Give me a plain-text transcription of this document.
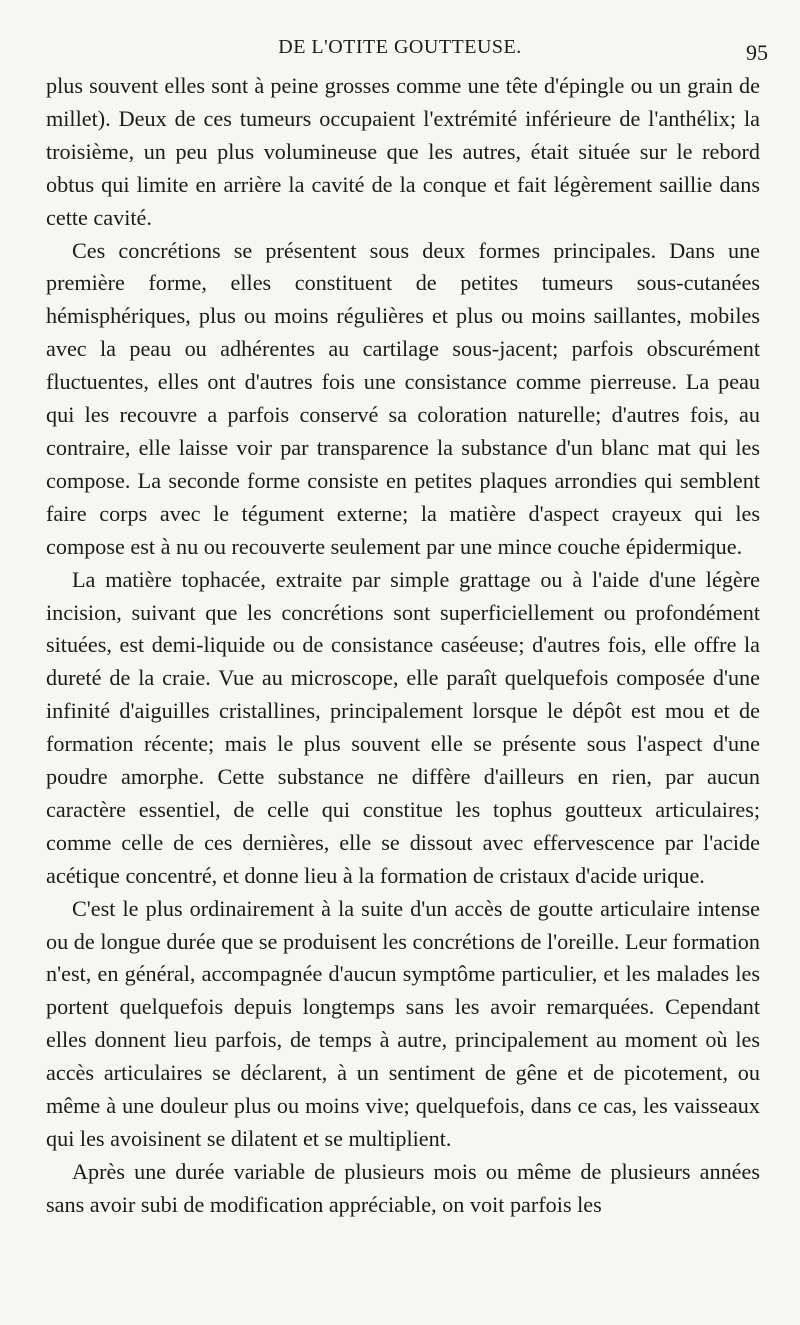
DE L'OTITE GOUTTEUSE.	95

plus souvent elles sont à peine grosses comme une tête d'épingle ou un grain de millet). Deux de ces tumeurs occupaient l'extrémité inférieure de l'anthélix; la troisième, un peu plus volumineuse que les autres, était située sur le rebord obtus qui limite en arrière la cavité de la conque et fait légèrement saillie dans cette cavité.

Ces concrétions se présentent sous deux formes principales. Dans une première forme, elles constituent de petites tumeurs sous-cutanées hémisphériques, plus ou moins régulières et plus ou moins saillantes, mobiles avec la peau ou adhérentes au cartilage sous-jacent; parfois obscurément fluctuentes, elles ont d'autres fois une consistance comme pierreuse. La peau qui les recouvre a parfois conservé sa coloration naturelle; d'autres fois, au contraire, elle laisse voir par transparence la substance d'un blanc mat qui les compose. La seconde forme consiste en petites plaques arrondies qui semblent faire corps avec le tégument externe; la matière d'aspect crayeux qui les compose est à nu ou recouverte seulement par une mince couche épidermique.

La matière tophacée, extraite par simple grattage ou à l'aide d'une légère incision, suivant que les concrétions sont superficiellement ou profondément situées, est demi-liquide ou de consistance caséeuse; d'autres fois, elle offre la dureté de la craie. Vue au microscope, elle paraît quelquefois composée d'une infinité d'aiguilles cristallines, principalement lorsque le dépôt est mou et de formation récente; mais le plus souvent elle se présente sous l'aspect d'une poudre amorphe. Cette substance ne diffère d'ailleurs en rien, par aucun caractère essentiel, de celle qui constitue les tophus goutteux articulaires; comme celle de ces dernières, elle se dissout avec effervescence par l'acide acétique concentré, et donne lieu à la formation de cristaux d'acide urique.

C'est le plus ordinairement à la suite d'un accès de goutte articulaire intense ou de longue durée que se produisent les concrétions de l'oreille. Leur formation n'est, en général, accompagnée d'aucun symptôme particulier, et les malades les portent quelquefois depuis longtemps sans les avoir remarquées. Cependant elles donnent lieu parfois, de temps à autre, principalement au moment où les accès articulaires se déclarent, à un sentiment de gêne et de picotement, ou même à une douleur plus ou moins vive; quelquefois, dans ce cas, les vaisseaux qui les avoisinent se dilatent et se multiplient.

Après une durée variable de plusieurs mois ou même de plusieurs années sans avoir subi de modification appréciable, on voit parfois les
